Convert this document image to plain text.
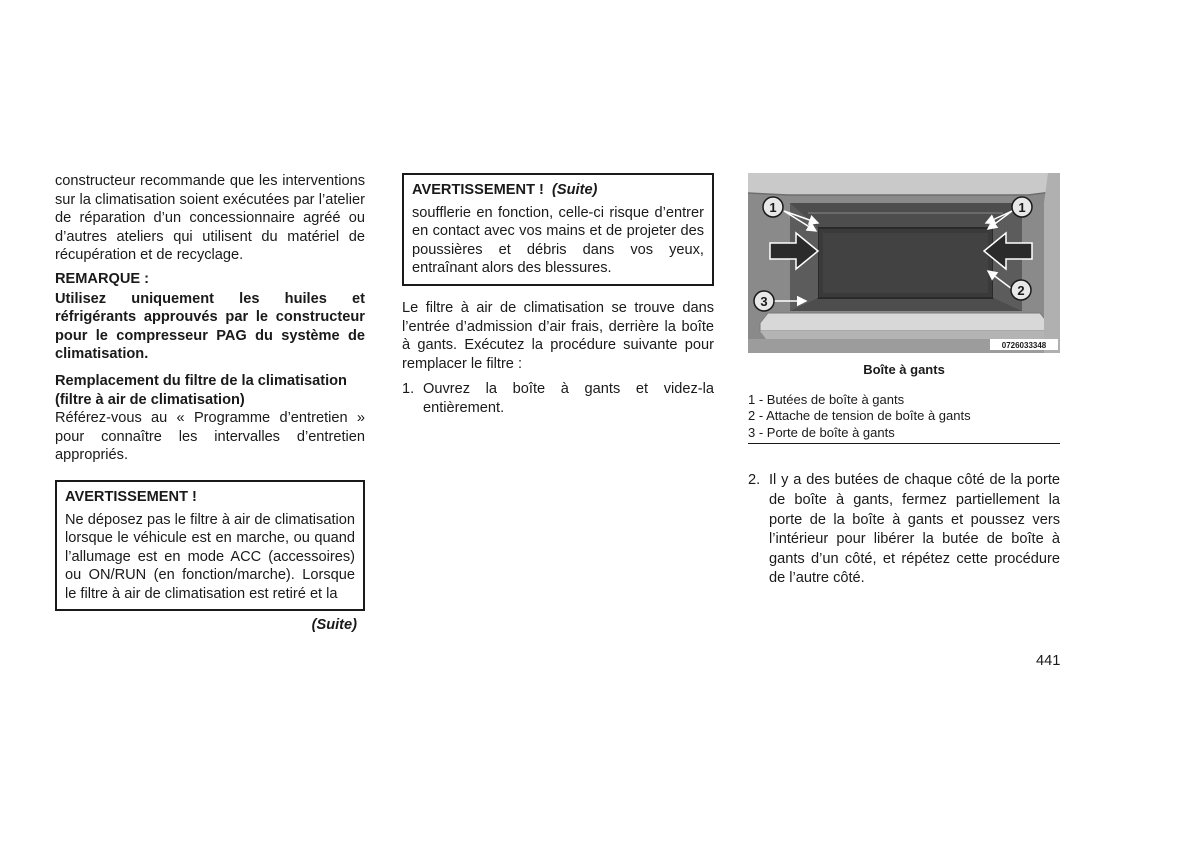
constructeur recommande que les interventions sur la climatisation soient exécutées par l’atelier de réparation d’un concessionnaire agréé ou d’autres ateliers qui utilisent du matériel de récupération et de recyclage.

REMARQUE :

Utilisez uniquement les huiles et réfrigérants approuvés par le constructeur pour le compresseur PAG du système de climatisation.

Remplacement du filtre de la climatisation (filtre à air de climatisation)

Référez-vous au « Programme d’entretien » pour connaître les intervalles d’entretien appropriés.

AVERTISSEMENT !

Ne déposez pas le filtre à air de climatisation lorsque le véhicule est en marche, ou quand l’allumage est en mode ACC (accessoires) ou ON/RUN (en fonction/marche). Lorsque le filtre à air de climatisation est retiré et la

(Suite)

AVERTISSEMENT ! (Suite)

soufflerie en fonction, celle-ci risque d’entrer en contact avec vos mains et de projeter des poussières et débris dans vos yeux, entraînant alors des blessures.

Le filtre à air de climatisation se trouve dans l’entrée d’admission d’air frais, derrière la boîte à gants. Exécutez la procédure suivante pour remplacer le filtre :

1. Ouvrez la boîte à gants et videz-la entièrement.

1	1
2
3
0726033348

Boîte à gants

1 - Butées de boîte à gants

2 - Attache de tension de boîte à gants

3 - Porte de boîte à gants

2. Il y a des butées de chaque côté de la porte de boîte à gants, fermez partiellement la porte de la boîte à gants et poussez vers l’intérieur pour libérer la butée de boîte à gants d’un côté, et répétez cette procédure de l’autre côté.

441
